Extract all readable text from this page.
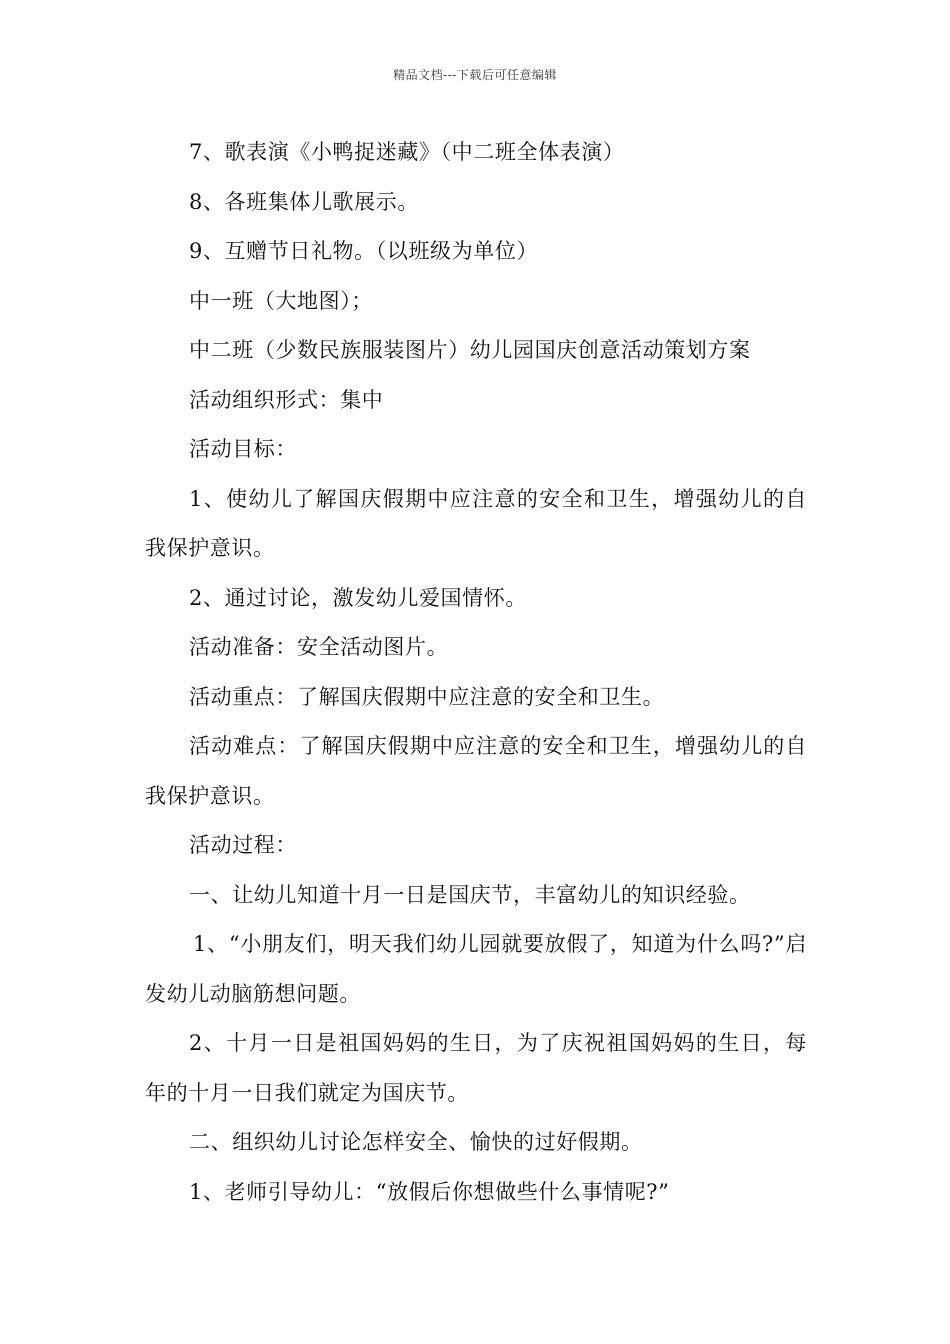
精品文档---下载后可任意编辑

7、歌表演《小鸭捉迷藏》（中二班全体表演）

8、各班集体儿歌展示。

9、互赠节日礼物。（以班级为单位）

中一班（大地图）；

中二班（少数民族服装图片）幼儿园国庆创意活动策划方案

活动组织形式：集中

活动目标：

1、使幼儿了解国庆假期中应注意的安全和卫生，增强幼儿的自我保护意识。

2、通过讨论，激发幼儿爱国情怀。

活动准备：安全活动图片。

活动重点：了解国庆假期中应注意的安全和卫生。

活动难点：了解国庆假期中应注意的安全和卫生，增强幼儿的自我保护意识。

活动过程：

一、让幼儿知道十月一日是国庆节，丰富幼儿的知识经验。

1、“小朋友们，明天我们幼儿园就要放假了，知道为什么吗?”启发幼儿动脑筋想问题。

2、十月一日是祖国妈妈的生日，为了庆祝祖国妈妈的生日，每年的十月一日我们就定为国庆节。

二、组织幼儿讨论怎样安全、愉快的过好假期。

1、老师引导幼儿：“放假后你想做些什么事情呢?”
